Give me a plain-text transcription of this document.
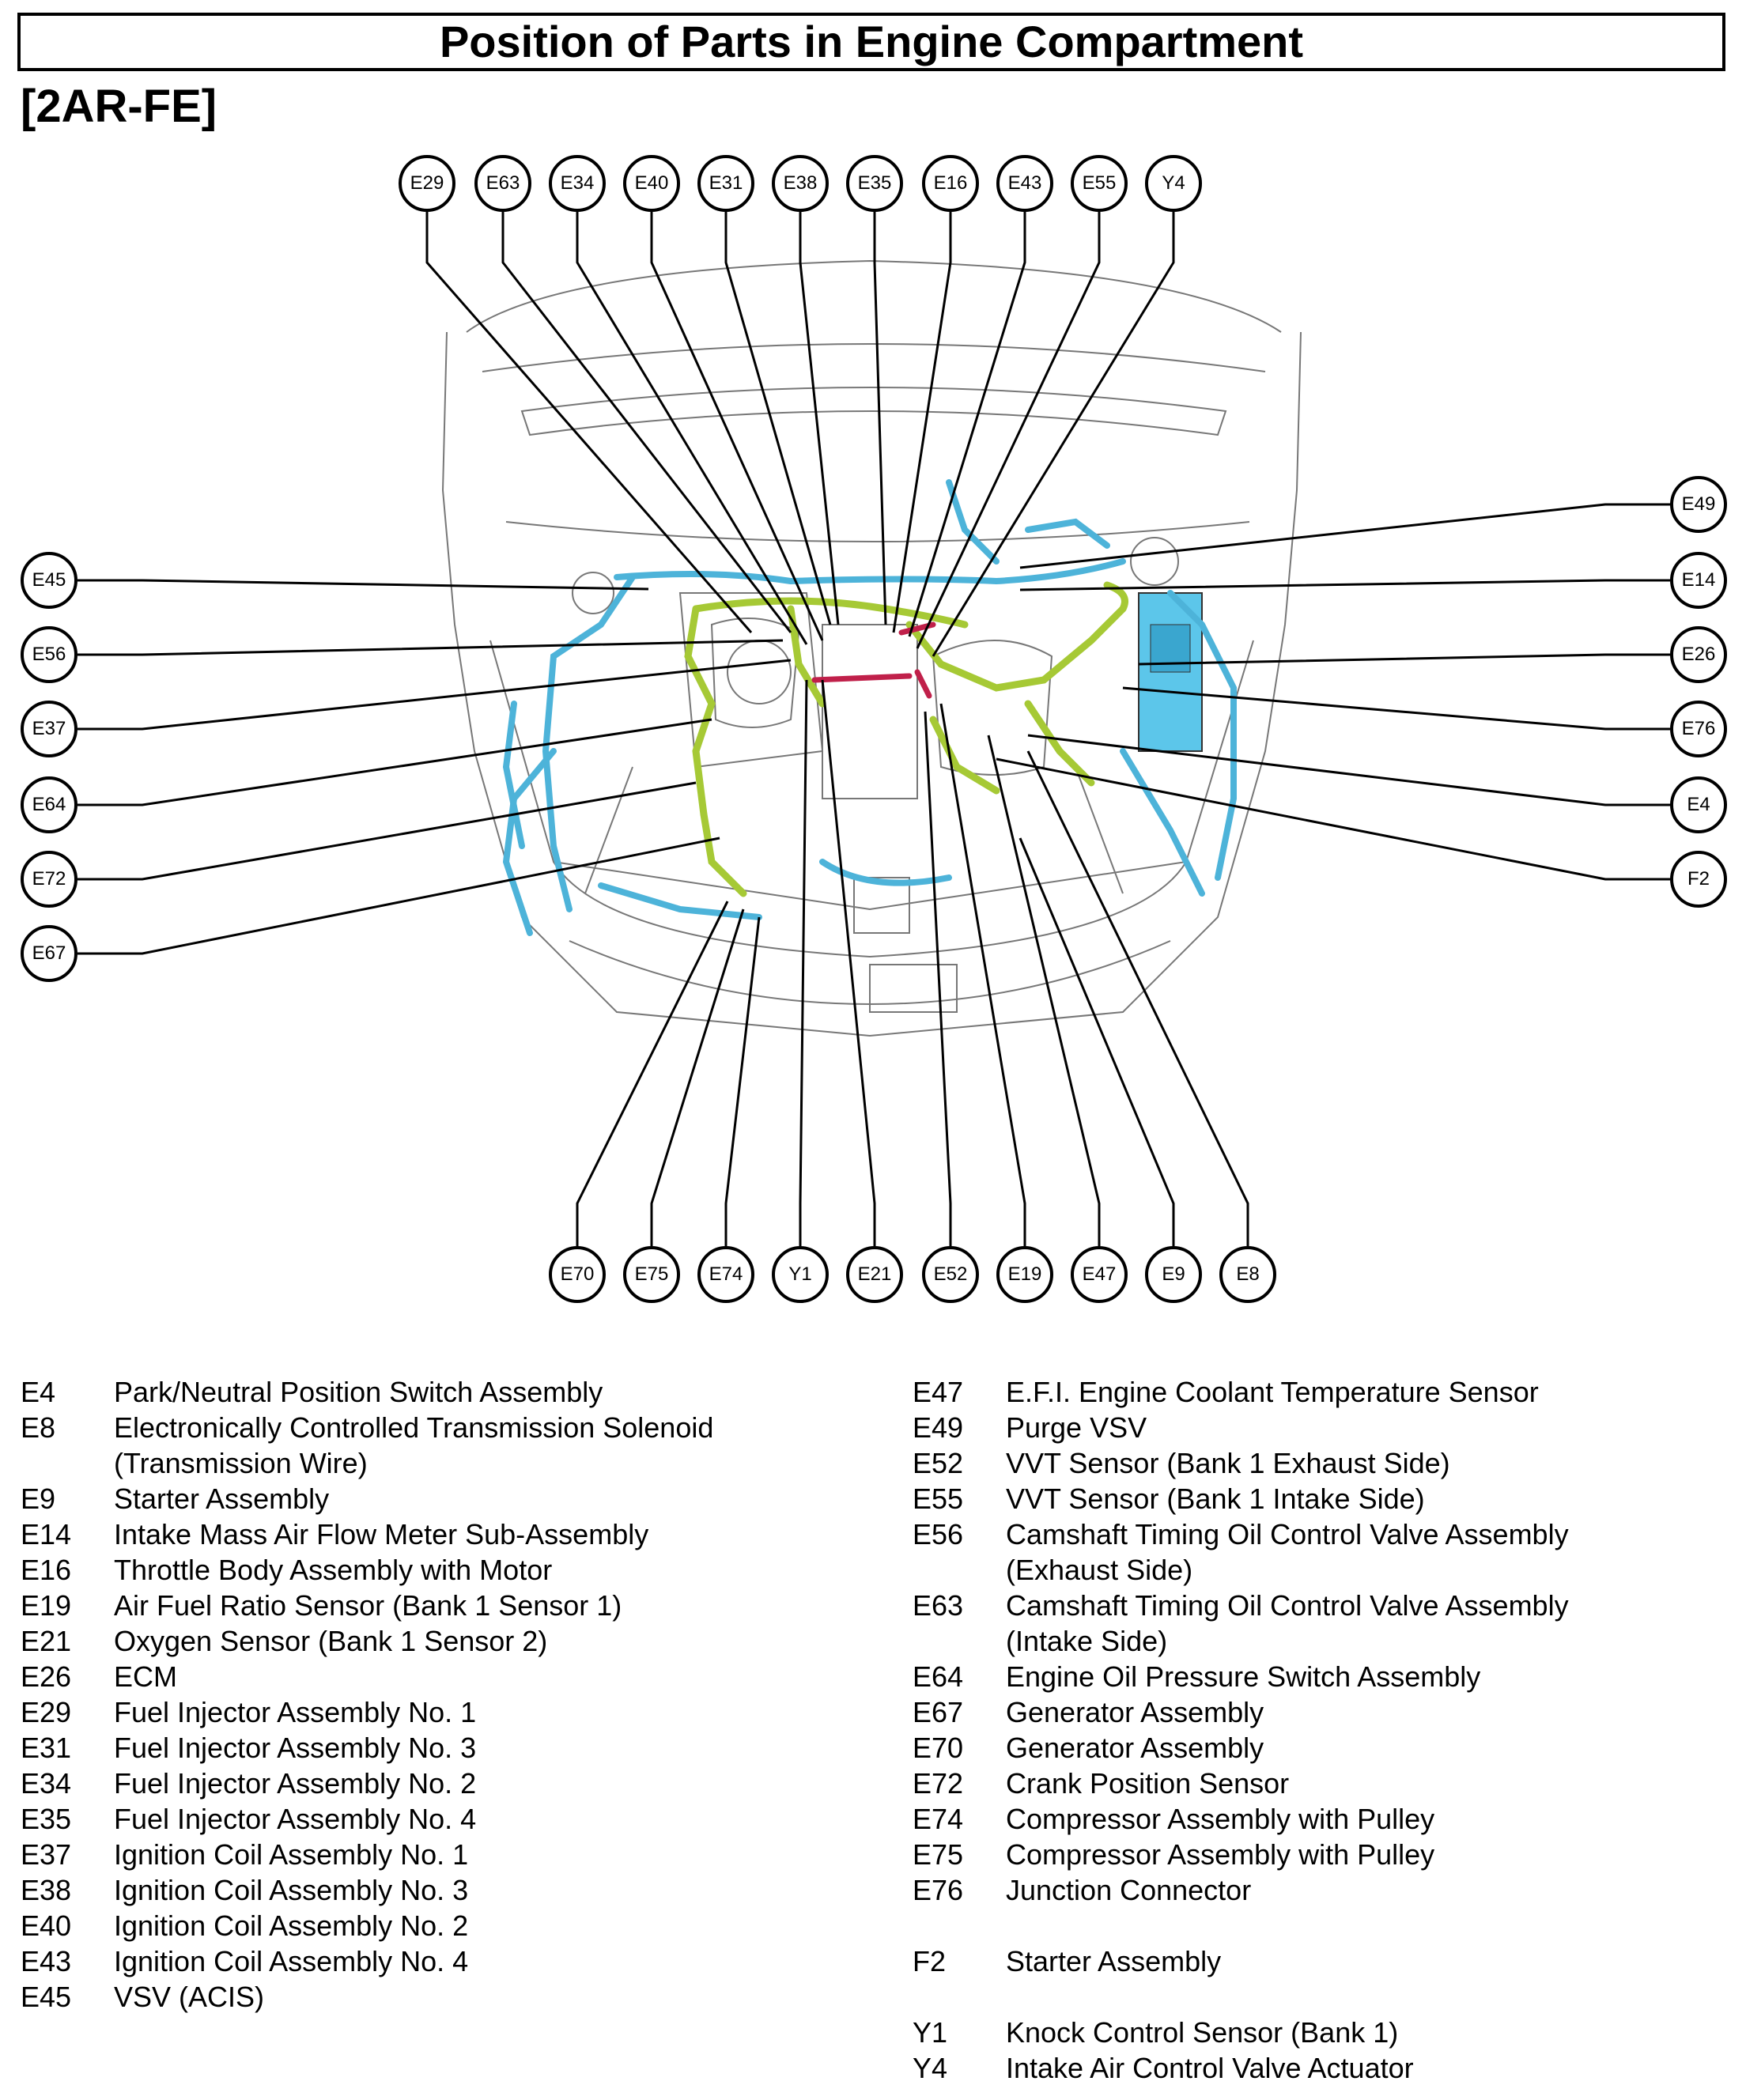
Position of Parts in Engine Compartment
[2AR-FE]
E4	Park/Neutral Position Switch Assembly
E8	Electronically Controlled Transmission Solenoid
(Transmission Wire)
E9	Starter Assembly
E14	Intake Mass Air Flow Meter Sub-Assembly
E16	Throttle Body Assembly with Motor
E19	Air Fuel Ratio Sensor (Bank 1 Sensor 1)
E21	Oxygen Sensor (Bank 1 Sensor 2)
E26	ECM
E29	Fuel Injector Assembly No. 1
E31	Fuel Injector Assembly No. 3
E34	Fuel Injector Assembly No. 2
E35	Fuel Injector Assembly No. 4
E37	Ignition Coil Assembly No. 1
E38	Ignition Coil Assembly No. 3
E40	Ignition Coil Assembly No. 2
E43	Ignition Coil Assembly No. 4
E45	VSV (ACIS)
E47	E.F.I. Engine Coolant Temperature Sensor
E49	Purge VSV
E52	VVT Sensor (Bank 1 Exhaust Side)
E55	VVT Sensor (Bank 1 Intake Side)
E56	Camshaft Timing Oil Control Valve Assembly
(Exhaust Side)
E63	Camshaft Timing Oil Control Valve Assembly
(Intake Side)
E64	Engine Oil Pressure Switch Assembly
E67	Generator Assembly
E70	Generator Assembly
E72	Crank Position Sensor
E74	Compressor Assembly with Pulley
E75	Compressor Assembly with Pulley
E76	Junction Connector
F2	Starter Assembly
Y1	Knock Control Sensor (Bank 1)
Y4	Intake Air Control Valve Actuator
E29	E63	E34	E40	E31	E38	E35	E16	E43	E55	Y4
E45
E56
E37
E64
E72
E67
E49
E14
E26
E76
E4
F2
E70	E75	E74	Y1	E21	E52	E19	E47	E9	E8
